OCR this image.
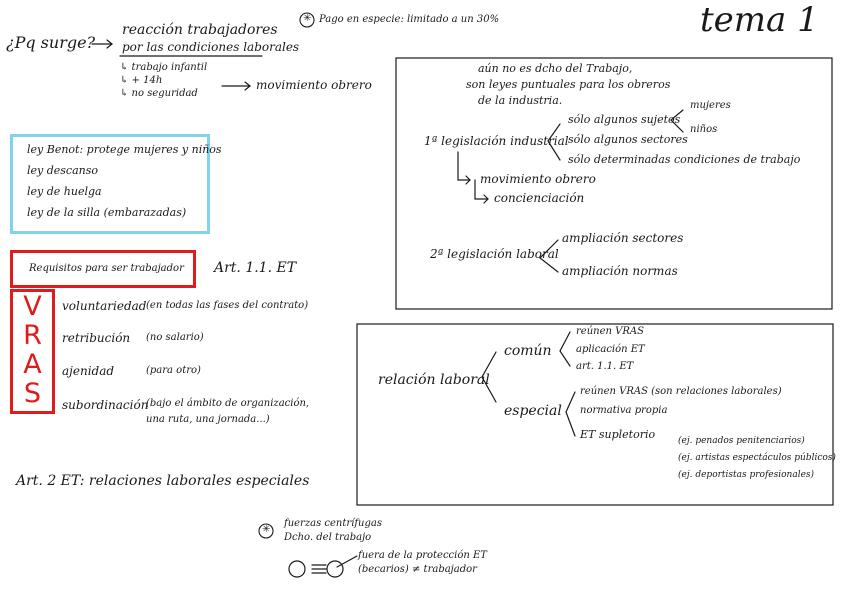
✳
✳
tema 1
¿Pq surge?
reacción trabajadores
por las condiciones laborales
↳ trabajo infantil
↳ + 14h
↳ no seguridad
movimiento obrero
Pago en especie: limitado a un 30%
ley Benot: protege mujeres y niños
ley descanso
ley de huelga
ley de la silla (embarazadas)
Requisitos para ser trabajador Art. 1.1. ET
V
R
A
S
voluntariedad (en todas las fases del contrato)
retribución (no salario)
ajenidad	(para otro)
subordinación
(bajo el ámbito de organización,
una ruta, una jornada...)
Art. 2 ET: relaciones laborales especiales
fuerzas centrífugas
Dcho. del trabajo
fuera de la protección ET
(becarios) ≠ trabajador
aún no es dcho del Trabajo,
son leyes puntuales para los obreros
de la industria.
1ª legislación industrial
sólo algunos sujetos
sólo algunos sectores
sólo determinadas condiciones de trabajo
mujeres
niños
movimiento obrero
concienciación
2ª legislación laboral
ampliación sectores
ampliación normas
relación laboral
común
reúnen VRAS
aplicación ET
art. 1.1. ET
especial
reúnen VRAS (son relaciones laborales)
normativa propia
ET supletorio	(ej. penados penitenciarios)
(ej. artistas espectáculos públicos)
(ej. deportistas profesionales)
